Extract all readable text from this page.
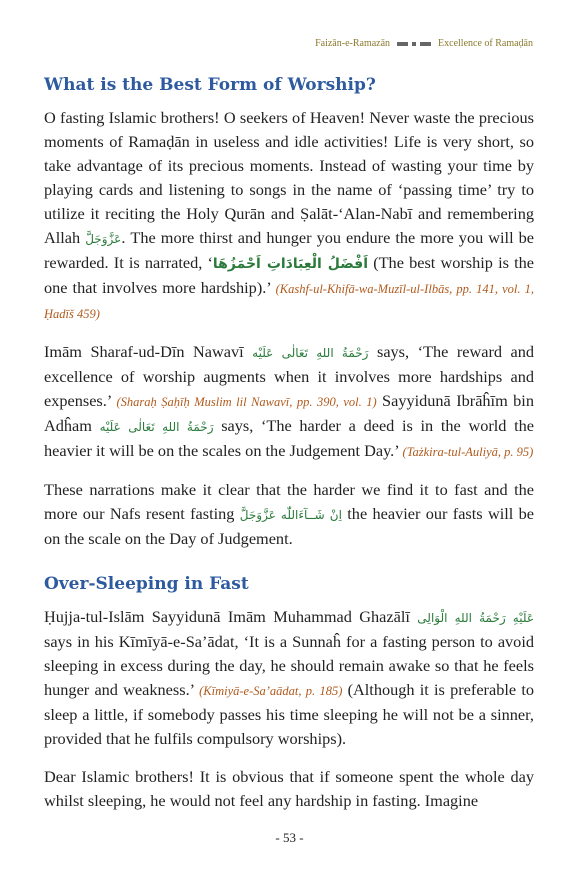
Faizān-e-Ramazān	Excellence of Ramaḍān
What is the Best Form of Worship?

O fasting Islamic brothers! O seekers of Heaven! Never waste the precious moments of Ramaḍān in useless and idle activities! Life is very short, so take advantage of its precious moments. Instead of wasting your time by playing cards and listening to songs in the name of ‘passing time’ try to utilize it reciting the Holy Qurān and Ṣalāt-‘Alan-Nabī and remembering Allah عَزَّوَجَلَّ. The more thirst and hunger you endure the more you will be rewarded. It is narrated, ‘اَفْضَلُ الْعِبَادَاتِ اَحْمَزُهَا (The best worship is the one that involves more hardship).’ (Kashf-ul-Khifā-wa-Muzīl-ul-Ilbās, pp. 141, vol. 1, Ḥadīš 459)

Imām Sharaf-ud-Dīn Nawavī رَحْمَةُ اللهِ تَعَالٰى عَلَيْه says, ‘The reward and excellence of worship augments when it involves more hardships and expenses.’ (Sharaḥ Ṣaḥīḥ Muslim lil Nawavī, pp. 390, vol. 1) Sayyidunā Ibrāĥīm bin Adĥam رَحْمَةُ اللهِ تَعَالٰى عَلَيْه says, ‘The harder a deed is in the world the heavier it will be on the scales on the Judgement Day.’ (Tażkira-tul-Auliyā, p. 95)

These narrations make it clear that the harder we find it to fast and the more our Nafs resent fasting اِنْ شَــآءَاللّٰه عَزَّوَجَلَّ the heavier our fasts will be on the scale on the Day of Judgement.

Over-Sleeping in Fast

Ḥujja-tul-Islām Sayyidunā Imām Muhammad Ghazālī عَلَيْهِ رَحْمَةُ اللهِ الْوَالِى says in his Kīmīyā-e-Sa’ādat, ‘It is a Sunnaĥ for a fasting person to avoid sleeping in excess during the day, he should remain awake so that he feels hunger and weakness.’ (Kīmiyā-e-Sa’aādat, p. 185) (Although it is preferable to sleep a little, if somebody passes his time sleeping he will not be a sinner, provided that he fulfils compulsory worships).

Dear Islamic brothers! It is obvious that if someone spent the whole day whilst sleeping, he would not feel any hardship in fasting. Imagine

- 53 -
